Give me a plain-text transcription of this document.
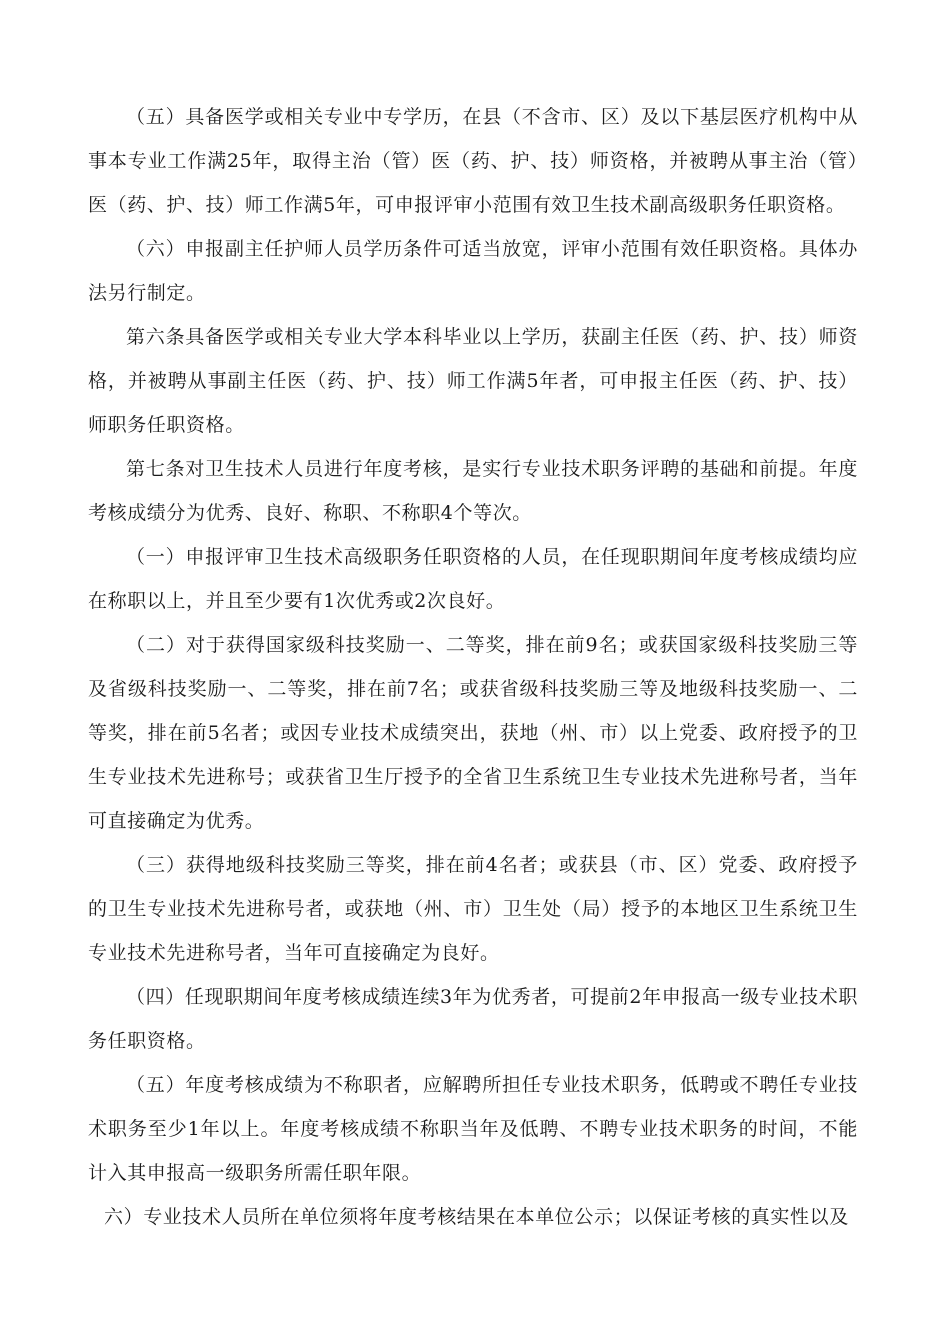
（五）具备医学或相关专业中专学历，在县（不含市、区）及以下基层医疗机构中从事本专业工作满25年，取得主治（管）医（药、护、技）师资格，并被聘从事主治（管）医（药、护、技）师工作满5年，可申报评审小范围有效卫生技术副高级职务任职资格。

（六）申报副主任护师人员学历条件可适当放宽，评审小范围有效任职资格。具体办法另行制定。

第六条具备医学或相关专业大学本科毕业以上学历，获副主任医（药、护、技）师资格，并被聘从事副主任医（药、护、技）师工作满5年者，可申报主任医（药、护、技）师职务任职资格。

第七条对卫生技术人员进行年度考核，是实行专业技术职务评聘的基础和前提。年度考核成绩分为优秀、良好、称职、不称职4个等次。

（一）申报评审卫生技术高级职务任职资格的人员，在任现职期间年度考核成绩均应在称职以上，并且至少要有1次优秀或2次良好。

（二）对于获得国家级科技奖励一、二等奖，排在前9名；或获国家级科技奖励三等及省级科技奖励一、二等奖，排在前7名；或获省级科技奖励三等及地级科技奖励一、二等奖，排在前5名者；或因专业技术成绩突出，获地（州、市）以上党委、政府授予的卫生专业技术先进称号；或获省卫生厅授予的全省卫生系统卫生专业技术先进称号者，当年可直接确定为优秀。

（三）获得地级科技奖励三等奖，排在前4名者；或获县（市、区）党委、政府授予的卫生专业技术先进称号者，或获地（州、市）卫生处（局）授予的本地区卫生系统卫生专业技术先进称号者，当年可直接确定为良好。

（四）任现职期间年度考核成绩连续3年为优秀者，可提前2年申报高一级专业技术职务任职资格。

（五）年度考核成绩为不称职者，应解聘所担任专业技术职务，低聘或不聘任专业技术职务至少1年以上。年度考核成绩不称职当年及低聘、不聘专业技术职务的时间，不能计入其申报高一级职务所需任职年限。

六）专业技术人员所在单位须将年度考核结果在本单位公示；以保证考核的真实性以及
